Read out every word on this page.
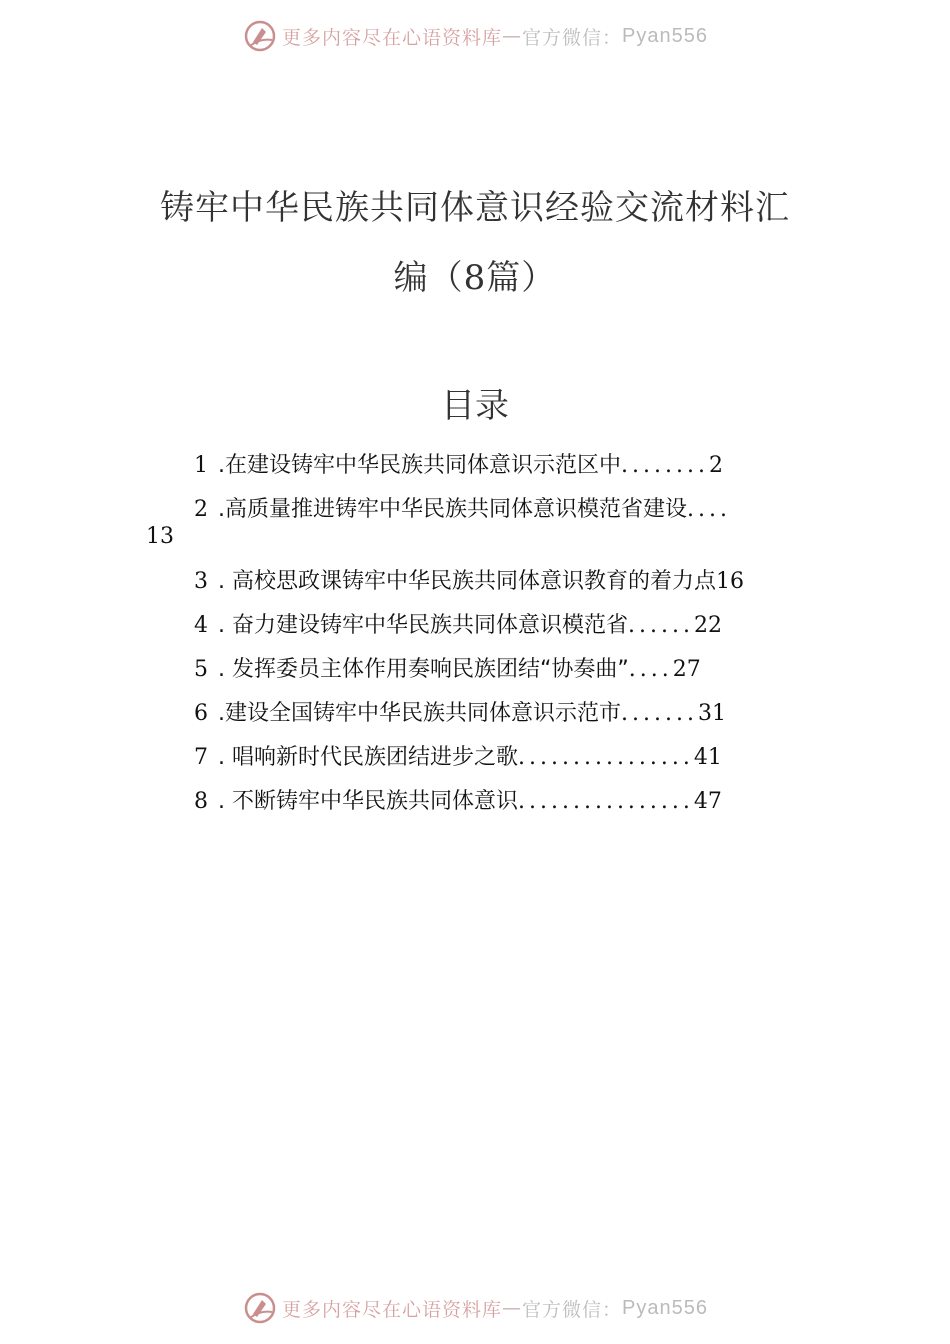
更多内容尽在心语资料库 — 官方微信： Pyan556
铸牢中华民族共同体意识经验交流材料汇
编（8篇）
目录
1 .在建设铸牢中华民族共同体意识示范区中........2
2 .高质量推进铸牢中华民族共同体意识模范省建设....
13
3 . 高校思政课铸牢中华民族共同体意识教育的着力点16
4 . 奋力建设铸牢中华民族共同体意识模范省......22
5 . 发挥委员主体作用奏响民族团结“协奏曲”....27
6 .建设全国铸牢中华民族共同体意识示范市.......31
7 . 唱响新时代民族团结进步之歌................41
8 . 不断铸牢中华民族共同体意识................47
更多内容尽在心语资料库 — 官方微信： Pyan556
